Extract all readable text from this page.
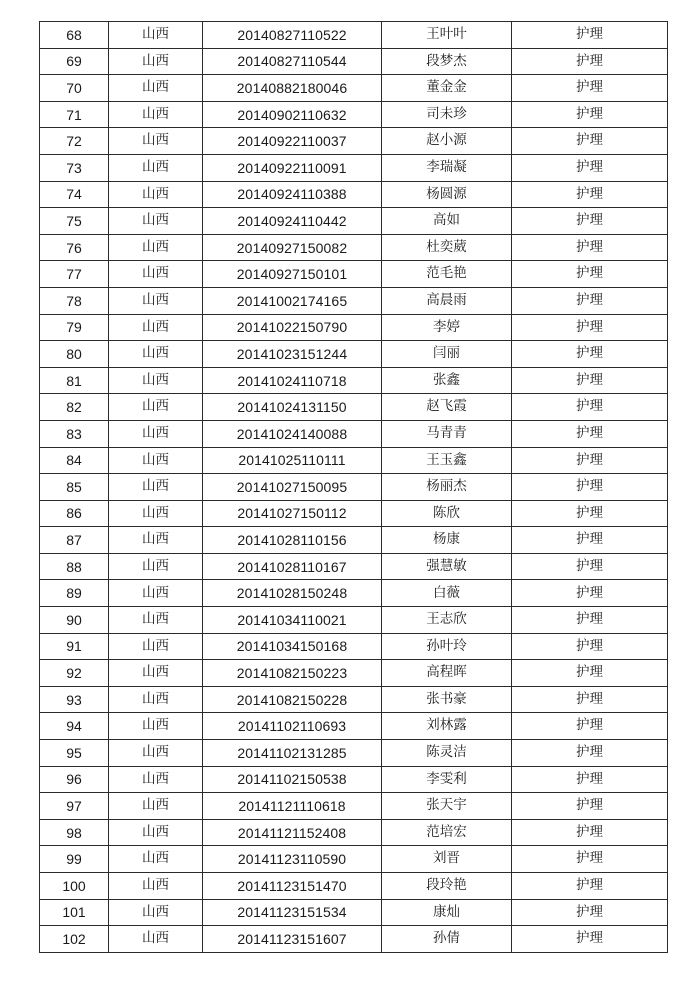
68	山西	20140827110522	王叶叶	护理
69	山西	20140827110544	段梦杰	护理
70	山西	20140882180046	董金金	护理
71	山西	20140902110632	司未珍	护理
72	山西	20140922110037	赵小源	护理
73	山西	20140922110091	李瑞凝	护理
74	山西	20140924110388	杨圆源	护理
75	山西	20140924110442	高如	护理
76	山西	20140927150082	杜奕葳	护理
77	山西	20140927150101	范毛艳	护理
78	山西	20141002174165	高晨雨	护理
79	山西	20141022150790	李婷	护理
80	山西	20141023151244	闫丽	护理
81	山西	20141024110718	张鑫	护理
82	山西	20141024131150	赵飞霞	护理
83	山西	20141024140088	马青青	护理
84	山西	20141025110111	王玉鑫	护理
85	山西	20141027150095	杨丽杰	护理
86	山西	20141027150112	陈欣	护理
87	山西	20141028110156	杨康	护理
88	山西	20141028110167	强慧敏	护理
89	山西	20141028150248	白薇	护理
90	山西	20141034110021	王志欣	护理
91	山西	20141034150168	孙叶玲	护理
92	山西	20141082150223	高程晖	护理
93	山西	20141082150228	张书豪	护理
94	山西	20141102110693	刘林露	护理
95	山西	20141102131285	陈灵洁	护理
96	山西	20141102150538	李雯利	护理
97	山西	20141121110618	张天宇	护理
98	山西	20141121152408	范培宏	护理
99	山西	20141123110590	刘晋	护理
100	山西	20141123151470	段玲艳	护理
101	山西	20141123151534	康灿	护理
102	山西	20141123151607	孙倩	护理
